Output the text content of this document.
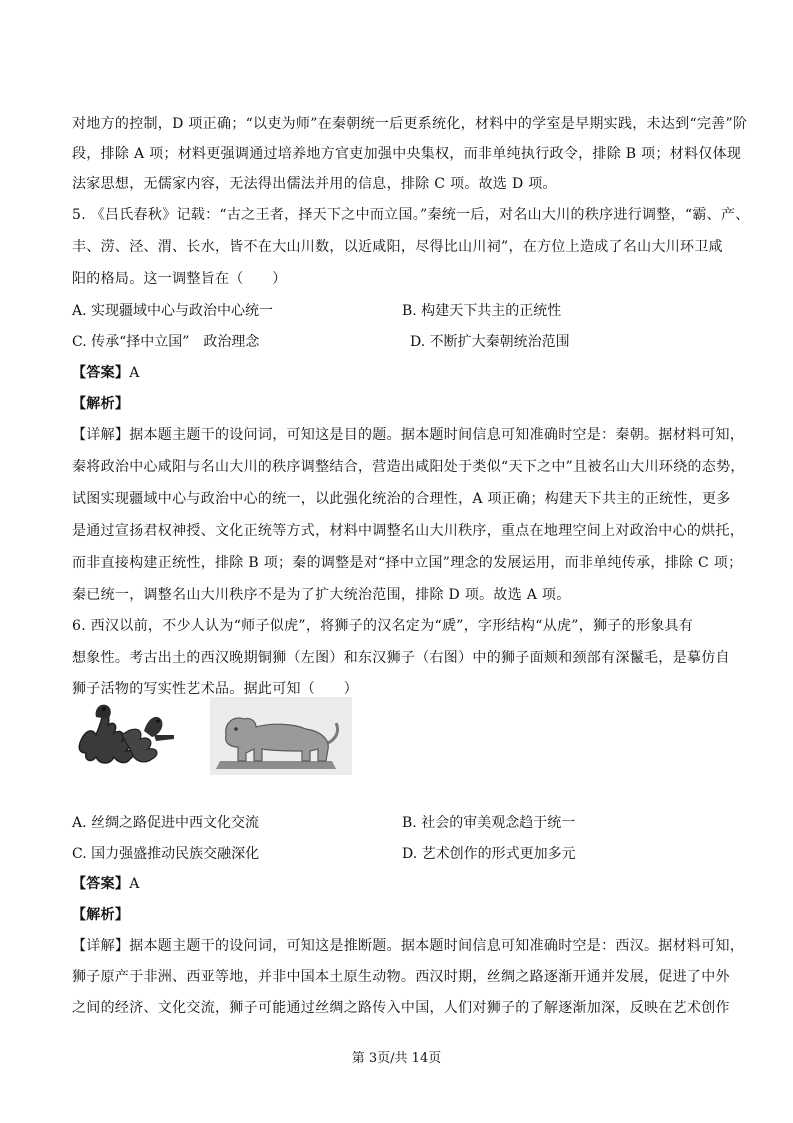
对地方的控制，D 项正确；“以吏为师”在秦朝统一后更系统化，材料中的学室是早期实践，未达到“完善”阶
段，排除 A 项；材料更强调通过培养地方官吏加强中央集权，而非单纯执行政令，排除 B 项；材料仅体现
法家思想，无儒家内容，无法得出儒法并用的信息，排除 C 项。故选 D 项。
5. 《吕氏春秋》记载：“古之王者，择天下之中而立国。”秦统一后，对名山大川的秩序进行调整，“霸、产、
丰、涝、泾、渭、长水，皆不在大山川数，以近咸阳，尽得比山川祠”，在方位上造成了名山大川环卫咸
阳的格局。这一调整旨在（　　）
A. 实现疆域中心与政治中心统一	B. 构建天下共主的正统性
C. 传承“择中立国”　政治理念	D. 不断扩大秦朝统治范围
【答案】A
【解析】
【详解】据本题主题干的设问词，可知这是目的题。据本题时间信息可知准确时空是：秦朝。据材料可知，
秦将政治中心咸阳与名山大川的秩序调整结合，营造出咸阳处于类似“天下之中”且被名山大川环绕的态势，
试图实现疆域中心与政治中心的统一，以此强化统治的合理性，A 项正确；构建天下共主的正统性，更多
是通过宣扬君权神授、文化正统等方式，材料中调整名山大川秩序，重点在地理空间上对政治中心的烘托，
而非直接构建正统性，排除 B 项；秦的调整是对“择中立国”理念的发展运用，而非单纯传承，排除 C 项；
秦已统一，调整名山大川秩序不是为了扩大统治范围，排除 D 项。故选 A 项。
6. 西汉以前，不少人认为“师子似虎”，将狮子的汉名定为“虒”，字形结构“从虎”，狮子的形象具有
想象性。考古出土的西汉晚期铜狮（左图）和东汉狮子（右图）中的狮子面颊和颈部有深鬣毛，是摹仿自
狮子活物的写实性艺术品。据此可知（　　）
A. 丝绸之路促进中西文化交流	B. 社会的审美观念趋于统一
C. 国力强盛推动民族交融深化	D. 艺术创作的形式更加多元
【答案】A
【解析】
【详解】据本题主题干的设问词，可知这是推断题。据本题时间信息可知准确时空是：西汉。据材料可知，
狮子原产于非洲、西亚等地，并非中国本土原生动物。西汉时期，丝绸之路逐渐开通并发展，促进了中外
之间的经济、文化交流，狮子可能通过丝绸之路传入中国，人们对狮子的了解逐渐加深，反映在艺术创作
第 3页/共 14页
